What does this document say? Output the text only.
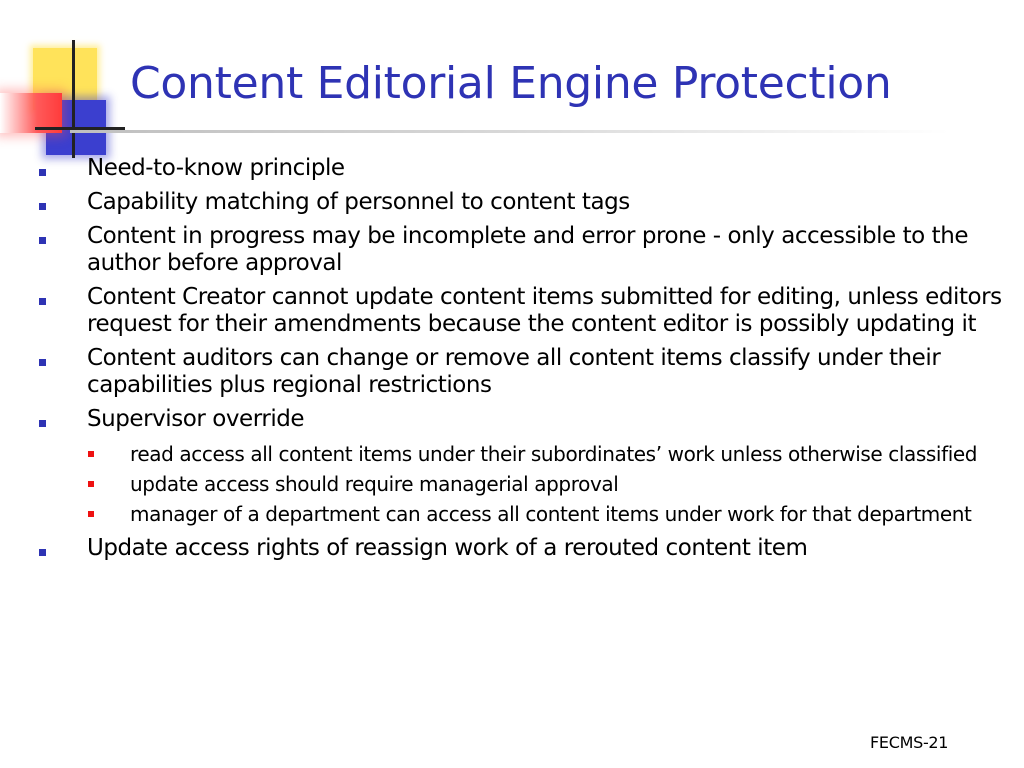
Content Editorial Engine Protection
Need-to-know principle
Capability matching of personnel to content tags
Content in progress may be incomplete and error prone - only accessible to the author before approval
Content Creator cannot update content items submitted for editing, unless editors request for their amendments because the content editor is possibly updating it
Content auditors can change or remove all content items classify under their capabilities plus regional restrictions
Supervisor override
read access all content items under their subordinates’ work unless otherwise classified
update access should require managerial approval
manager of a department can access all content items under work for that department
Update access rights of reassign work of a rerouted content item
FECMS-21
